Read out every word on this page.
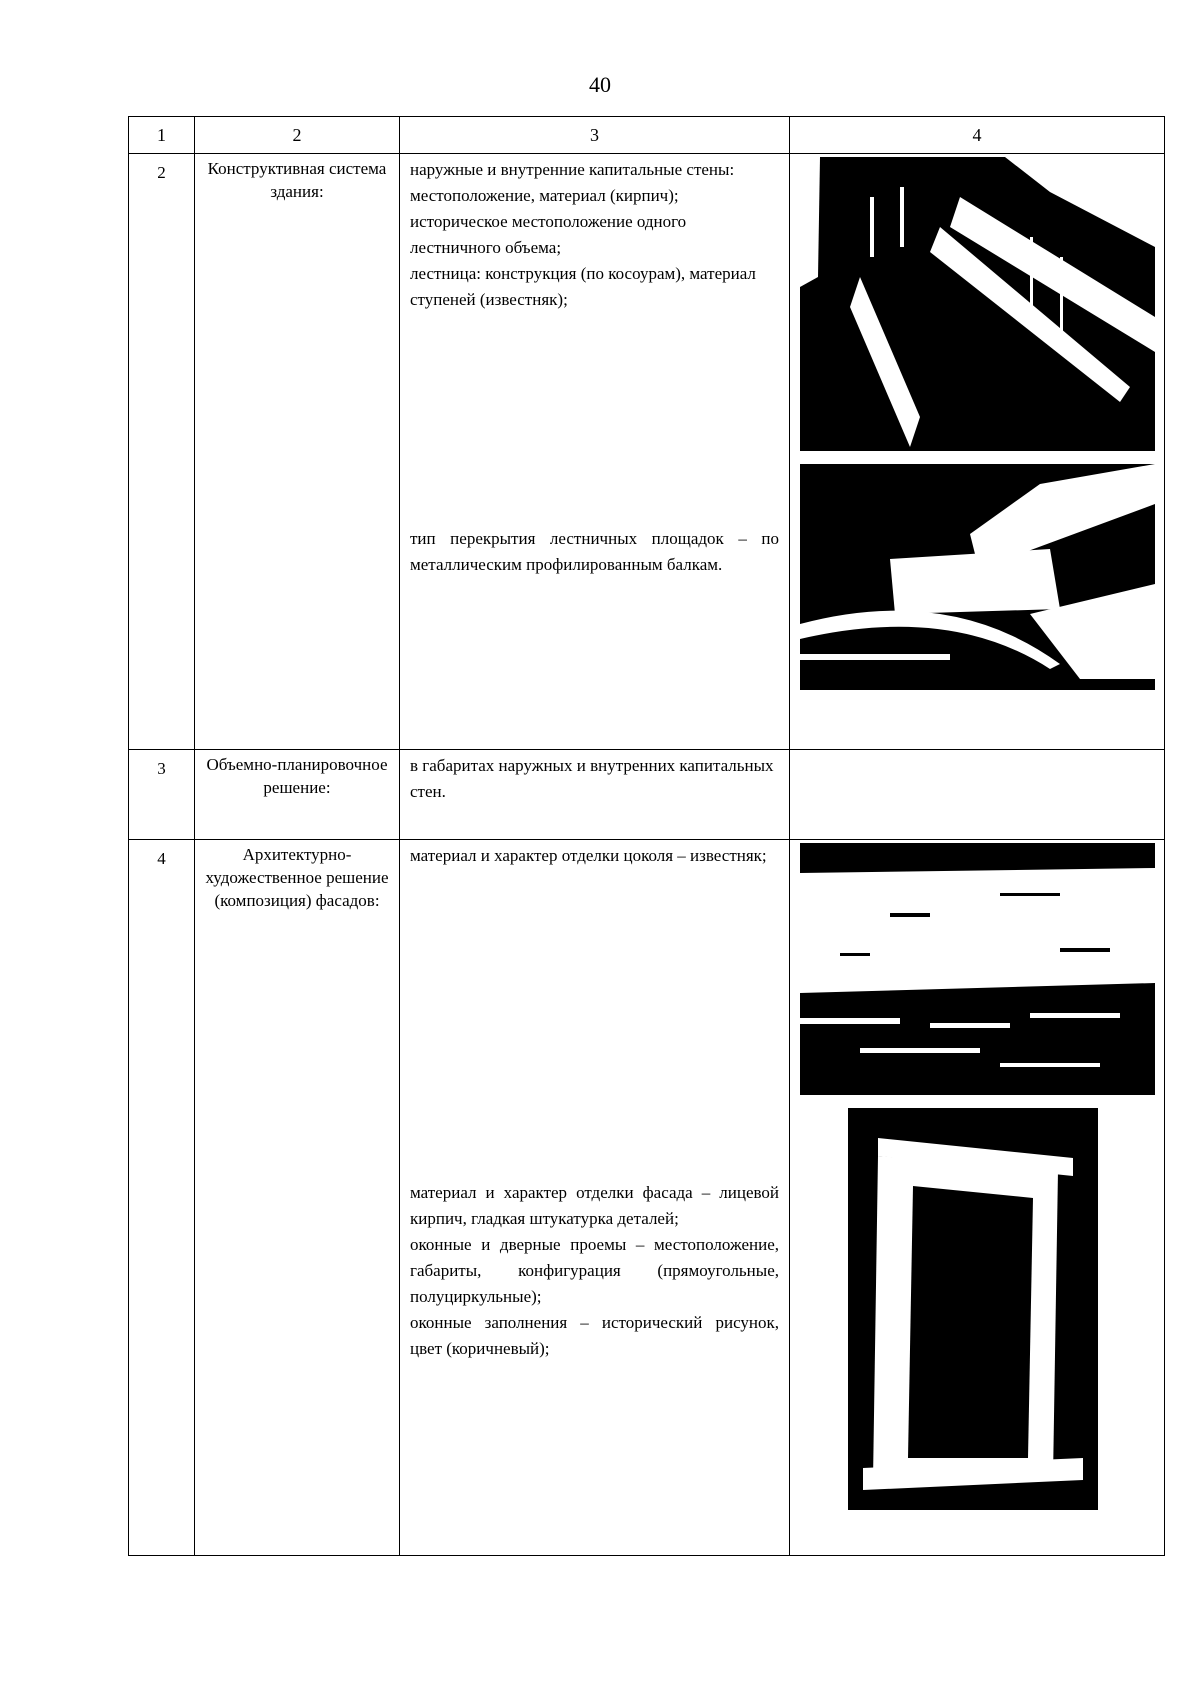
40
1	2	3	4
2	Конструктивная система здания:	наружные и внутренние капитальные стены: местоположение, материал (кирпич);

историческое местоположение одного лестничного объема;

лестница: конструкция (по косоурам), материал ступеней (известняк);

тип перекрытия лестничных площадок – по металлическим профилированным балкам.

3	Объемно-планировочное решение:	в габаритах наружных и внутренних капитальных стен.	

4	Архитектурно-художественное решение (композиция) фасадов:	материал и характер отделки цоколя – известняк;

материал и характер отделки фасада – лицевой кирпич, гладкая штукатурка деталей;

оконные и дверные проемы – местоположение, габариты, конфигурация (прямоугольные, полуциркульные);

оконные заполнения – исторический рисунок, цвет (коричневый);
